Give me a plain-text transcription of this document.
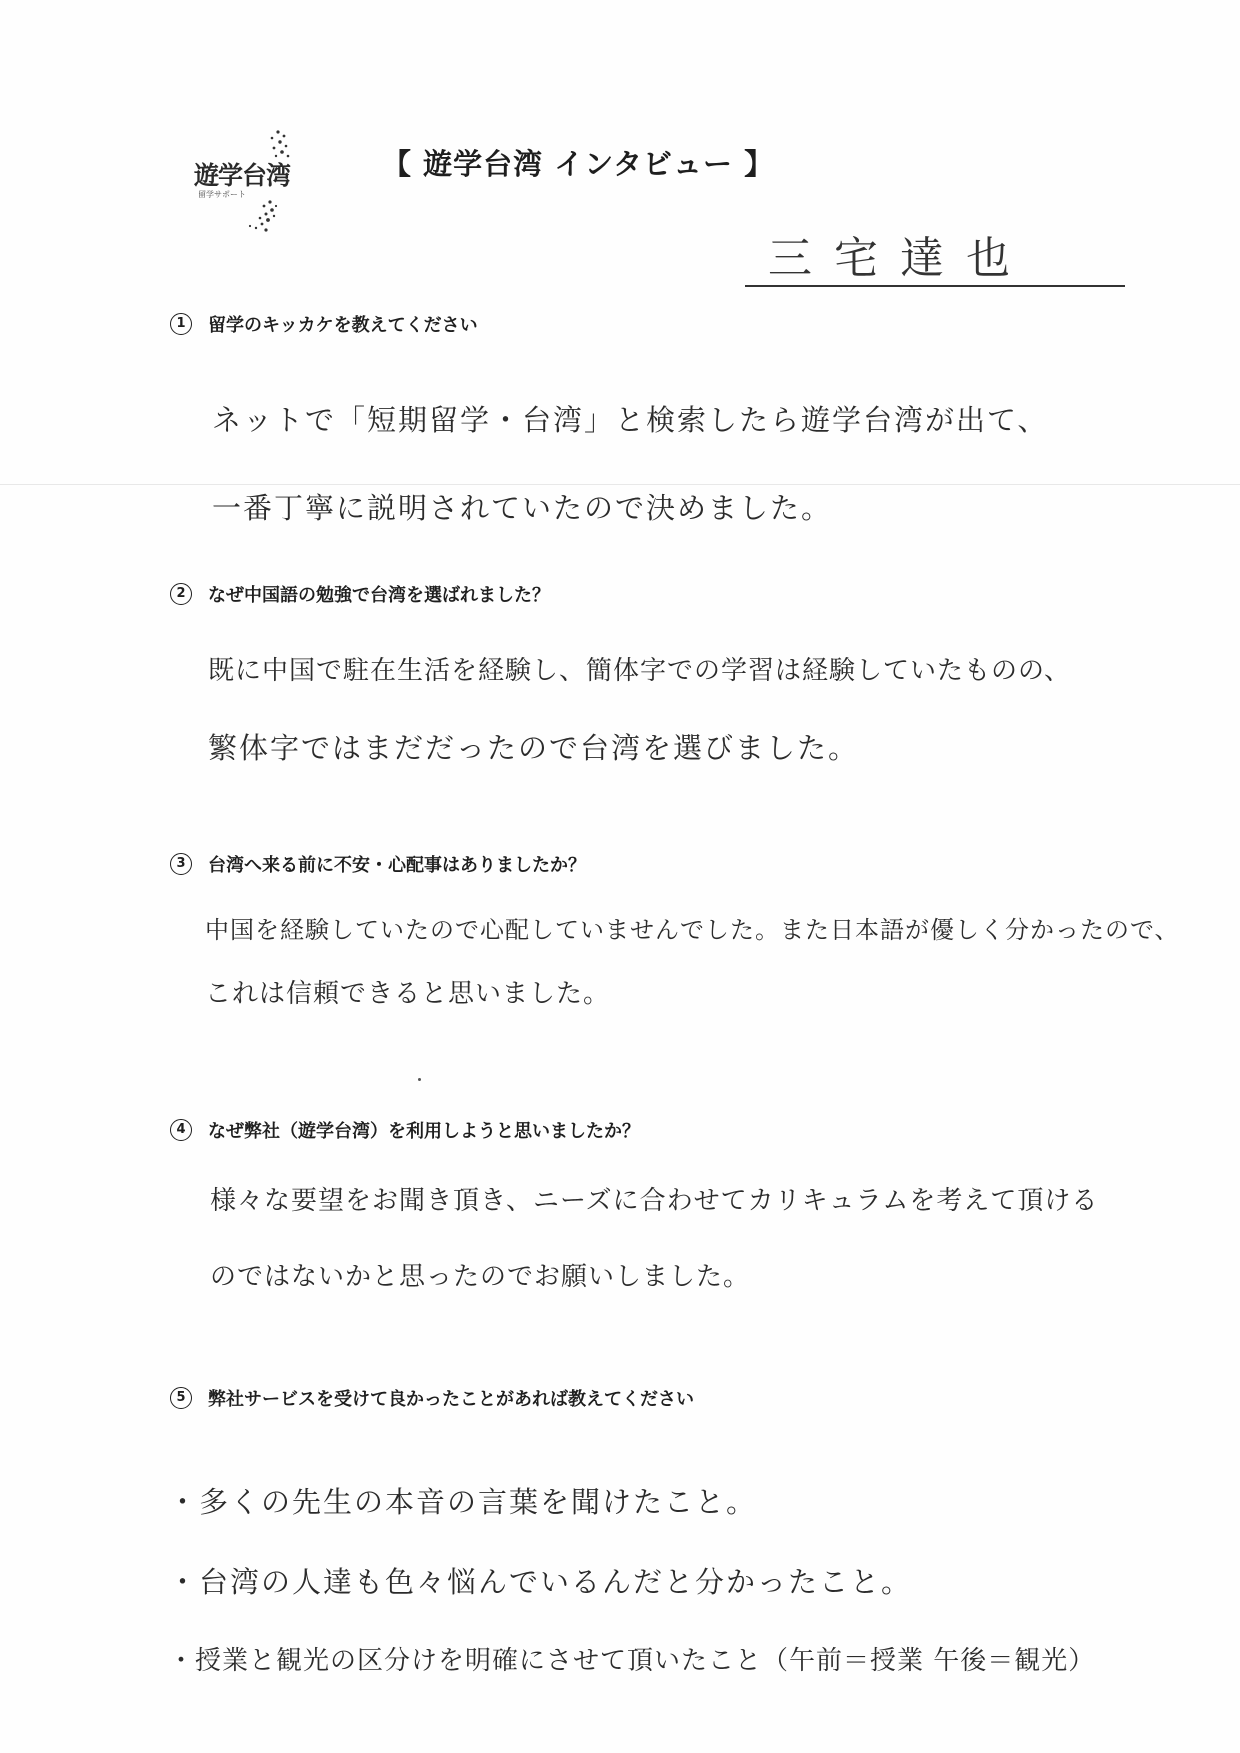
遊学台湾
留学サポート
【 遊学台湾 インタビュー 】
三宅達也
1 留学のキッカケを教えてください
ネットで「短期留学・台湾」と検索したら遊学台湾が出て、
一番丁寧に説明されていたので決めました。
2 なぜ中国語の勉強で台湾を選ばれました？
既に中国で駐在生活を経験し、簡体字での学習は経験していたものの、
繁体字ではまだだったので台湾を選びました。
3 台湾へ来る前に不安・心配事はありましたか？
中国を経験していたので心配していませんでした。また日本語が優しく分かったので、
これは信頼できると思いました。
4 なぜ弊社（遊学台湾）を利用しようと思いましたか？
様々な要望をお聞き頂き、ニーズに合わせてカリキュラムを考えて頂ける
のではないかと思ったのでお願いしました。
5 弊社サービスを受けて良かったことがあれば教えてください
・多くの先生の本音の言葉を聞けたこと。
・台湾の人達も色々悩んでいるんだと分かったこと。
・授業と観光の区分けを明確にさせて頂いたこと（午前＝授業 午後＝観光）
